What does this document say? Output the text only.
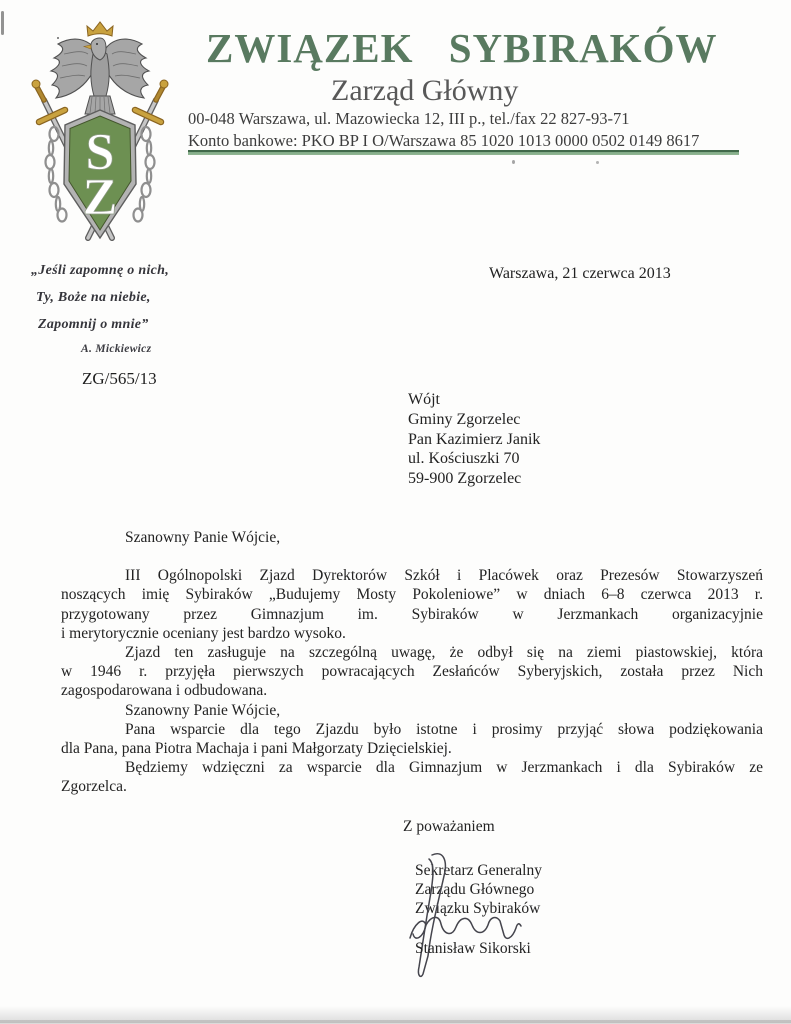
S
Z
ZWIĄZEK SYBIRAKÓW
Zarząd Główny
00-048 Warszawa, ul. Mazowiecka 12, III p., tel./fax 22 827-93-71
Konto bankowe: PKO BP I O/Warszawa 85 1020 1013 0000 0502 0149 8617
„Jeśli zapomnę o nich,
Ty, Boże na niebie,
Zapomnij o mnie”
A. Mickiewicz
ZG/565/13
Warszawa, 21 czerwca 2013
Wójt
Gminy Zgorzelec
Pan Kazimierz Janik
ul. Kościuszki 70
59-900 Zgorzelec

Szanowny Panie Wójcie,

III Ogólnopolski Zjazd Dyrektorów Szkół i Placówek oraz Prezesów Stowarzyszeń
noszących imię Sybiraków „Budujemy Mosty Pokoleniowe” w dniach 6–8 czerwca 2013 r.
przygotowany przez Gimnazjum im. Sybiraków w Jerzmankach organizacyjnie
i merytorycznie oceniany jest bardzo wysoko.
Zjazd ten zasługuje na szczególną uwagę, że odbył się na ziemi piastowskiej, która
w 1946 r. przyjęła pierwszych powracających Zesłańców Syberyjskich, została przez Nich
zagospodarowana i odbudowana.
Szanowny Panie Wójcie,
Pana wsparcie dla tego Zjazdu było istotne i prosimy przyjąć słowa podziękowania
dla Pana, pana Piotra Machaja i pani Małgorzaty Dzięcielskiej.
Będziemy wdzięczni za wsparcie dla Gimnazjum w Jerzmankach i dla Sybiraków ze
Zgorzelca.
Z poważaniem
Sekretarz Generalny
Zarządu Głównego
Związku Sybiraków
Stanisław Sikorski
